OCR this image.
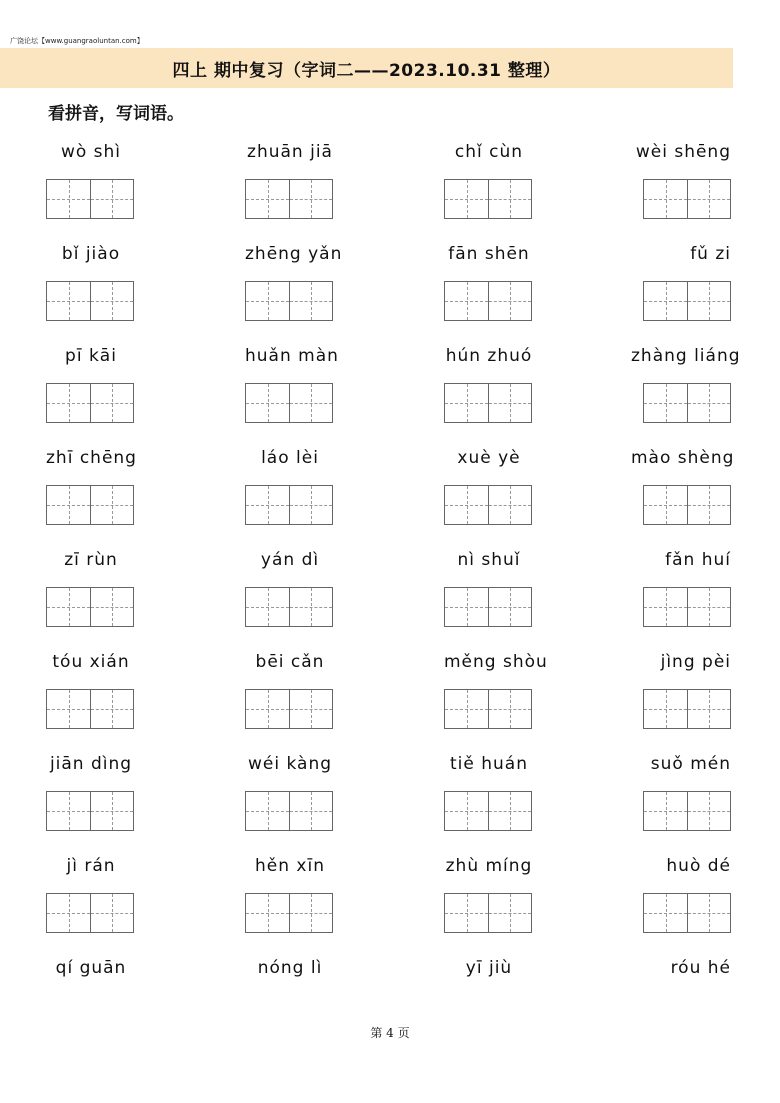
广饶论坛【www.guangraoluntan.com】
四上 期中复习（字词二——2023.10.31 整理）
看拼音，写词语。
wò shì	zhuān jiā	chǐ cùn	wèi shēng
bǐ jiào	zhēng yǎn	fān shēn	fǔ zi
pī kāi	huǎn màn	hún zhuó	zhàng liáng
zhī chēng	láo lèi	xuè yè	mào shèng
zī rùn	yán dì	nì shuǐ	fǎn huí
tóu xián	bēi cǎn	měng shòu	jìng pèi
jiān dìng	wéi kàng	tiě huán	suǒ mén
jì rán	hěn xīn	zhù míng	huò dé
qí guān	nóng lì	yī jiù	róu hé
第 4 页
